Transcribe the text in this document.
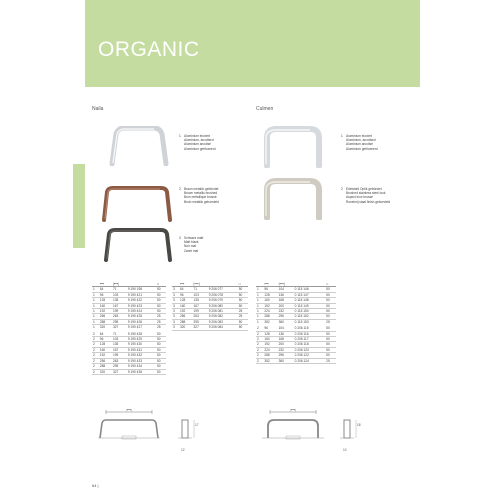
ORGANIC
Naila	Culmen
1 Aluminium eloxiert
Aluminium, anodised
Aluminium anodisé
Aluminium geëloxeerd
2 Braun metallic gebürstet
Brown metallic brushed
Brun métallique brossé
Bruin metallic geborsteld
3 Schwarz matt
Matt black
Noir mat
Zwart mat
1 Aluminium eloxiert
Aluminium, anodised
Aluminium anodisé
Aluminium geëloxeerd
2 Edelstahl Optik gebürstet
Brushed stainless steel look
Aspect inox brossé
Roestvrij staal finish geborsteld
	⟷	|⟷|		□
1	64	71	9 190 198	50
1	96	103	9 190 421	50
1	128	135	9 190 422	50
1	160	167	9 190 423	50
1	192	199	9 190 424	50
1	256	263	9 190 425	25
1	288	295	9 190 426	25
1	320	327	9 190 427	25
2	64	71	9 190 428	50
2	96	103	9 190 429	50
2	128	135	9 190 430	50
2	160	167	9 190 431	50
2	192	199	9 190 432	50
2	256	263	9 190 433	50
2	288	295	9 190 434	50
2	320	327	9 190 435	50
	⟷	|⟷|		□
3	64	71	9 206 077	50
3	96	103	9 206 078	50
3	128	135	9 206 079	50
3	160	167	9 206 080	50
3	192	199	9 206 081	25
3	256	263	9 206 082	25
3	288	295	9 206 083	50
3	320	327	9 206 084	50
	⟷	|⟷|		□
1	96	104	0 115 146	50
1	128	136	0 115 147	50
1	160	168	0 115 148	50
1	192	200	0 115 149	50
1	224	232	0 115 150	50
1	288	296	0 115 152	50
1	352	360	0 115 153	25
2	96	104	0 206 115	50
2	128	136	0 206 116	50
2	160	168	0 206 117	50
2	192	200	0 206 118	50
2	224	232	0 206 120	50
2	288	296	0 206 122	50
2	352	360	0 206 124	25
|⟷|
17
12
|⟷|
18
10
64 |
